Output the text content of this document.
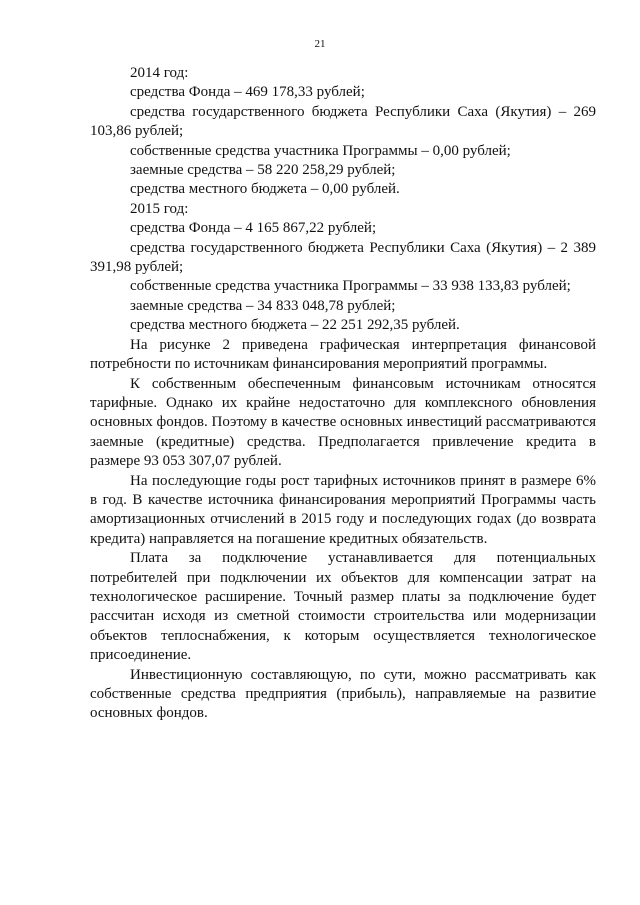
21

2014 год:

средства Фонда – 469 178,33 рублей;

средства государственного бюджета Республики Саха (Якутия) – 269 103,86 рублей;

собственные средства участника Программы – 0,00 рублей;

заемные средства – 58 220 258,29 рублей;

средства местного бюджета – 0,00 рублей.

2015 год:

средства Фонда – 4 165 867,22 рублей;

средства государственного бюджета Республики Саха (Якутия) – 2 389 391,98 рублей;

собственные средства участника Программы – 33 938 133,83 рублей;

заемные средства – 34 833 048,78 рублей;

средства местного бюджета – 22 251 292,35 рублей.

На рисунке 2 приведена графическая интерпретация финансовой потребности по источникам финансирования мероприятий программы.

К собственным обеспеченным финансовым источникам относятся тарифные. Однако их крайне недостаточно для комплексного обновления основных фондов. Поэтому в качестве основных инвестиций рассматриваются заемные (кредитные) средства. Предполагается привлечение кредита в размере 93 053 307,07 рублей.

На последующие годы рост тарифных источников принят в размере 6% в год. В качестве источника финансирования мероприятий Программы часть амортизационных отчислений в 2015 году и последующих годах (до возврата кредита) направляется на погашение кредитных обязательств.

Плата за подключение устанавливается для потенциальных потребителей при подключении их объектов для компенсации затрат на технологическое расширение. Точный размер платы за подключение будет рассчитан исходя из сметной стоимости строительства или модернизации объектов теплоснабжения, к которым осуществляется технологическое присоединение.

Инвестиционную составляющую, по сути, можно рассматривать как собственные средства предприятия (прибыль), направляемые на развитие основных фондов.
